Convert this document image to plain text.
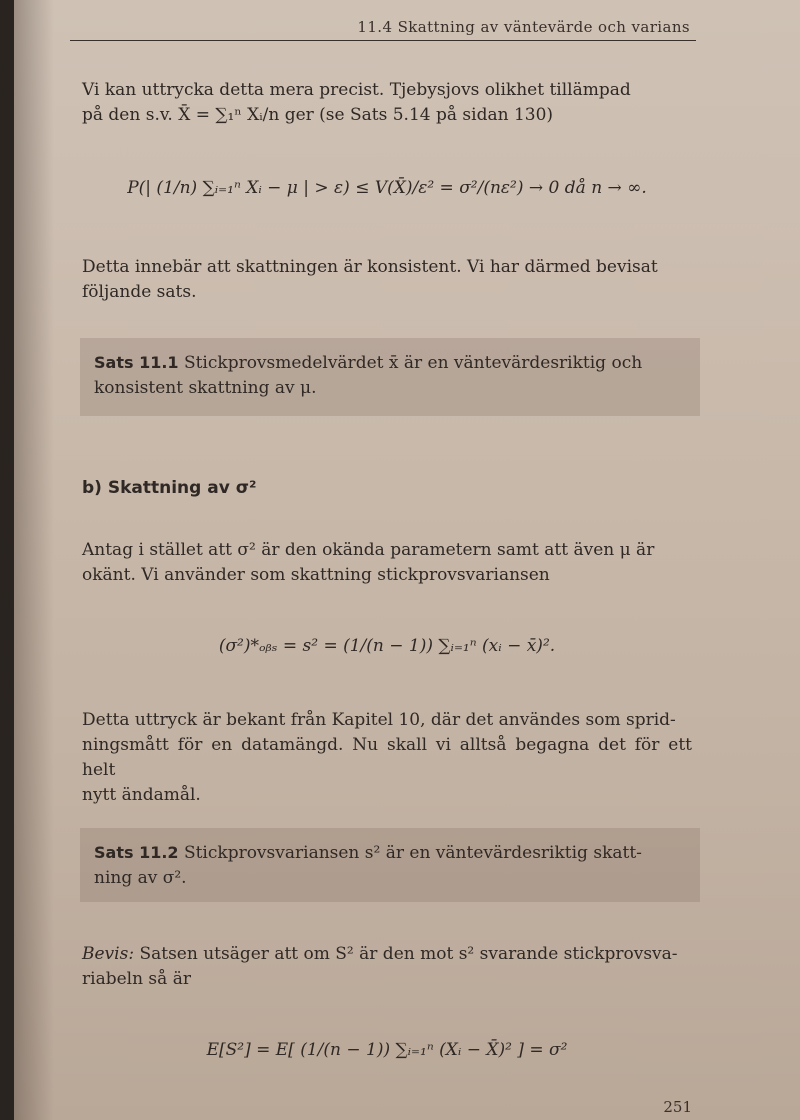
11.4 Skattning av väntevärde och varians
Vi kan uttrycka detta mera precist. Tjebysjovs olikhet tillämpad
på den s.v. X̄ = ∑₁ⁿ Xᵢ/n ger (se Sats 5.14 på sidan 130)
P(| (1/n) ∑ᵢ₌₁ⁿ Xᵢ − μ | > ε) ≤ V(X̄)/ε² = σ²/(nε²) → 0 då n → ∞.
Detta innebär att skattningen är konsistent. Vi har därmed bevisat
följande sats.
Sats 11.1 Stickprovsmedelvärdet x̄ är en väntevärdesriktig och
konsistent skattning av μ.
b) Skattning av σ²
Antag i stället att σ² är den okända parametern samt att även μ är
okänt. Vi använder som skattning stickprovsvariansen
(σ²)*ₒᵦₛ = s² = (1/(n − 1)) ∑ᵢ₌₁ⁿ (xᵢ − x̄)².
Detta uttryck är bekant från Kapitel 10, där det användes som sprid-
ningsmått för en datamängd. Nu skall vi alltså begagna det för ett helt
nytt ändamål.
Sats 11.2 Stickprovsvariansen s² är en väntevärdesriktig skatt-
ning av σ².
Bevis: Satsen utsäger att om S² är den mot s² svarande stickprovsva-
riabeln så är
E[S²] = E[ (1/(n − 1)) ∑ᵢ₌₁ⁿ (Xᵢ − X̄)² ] = σ²
251
